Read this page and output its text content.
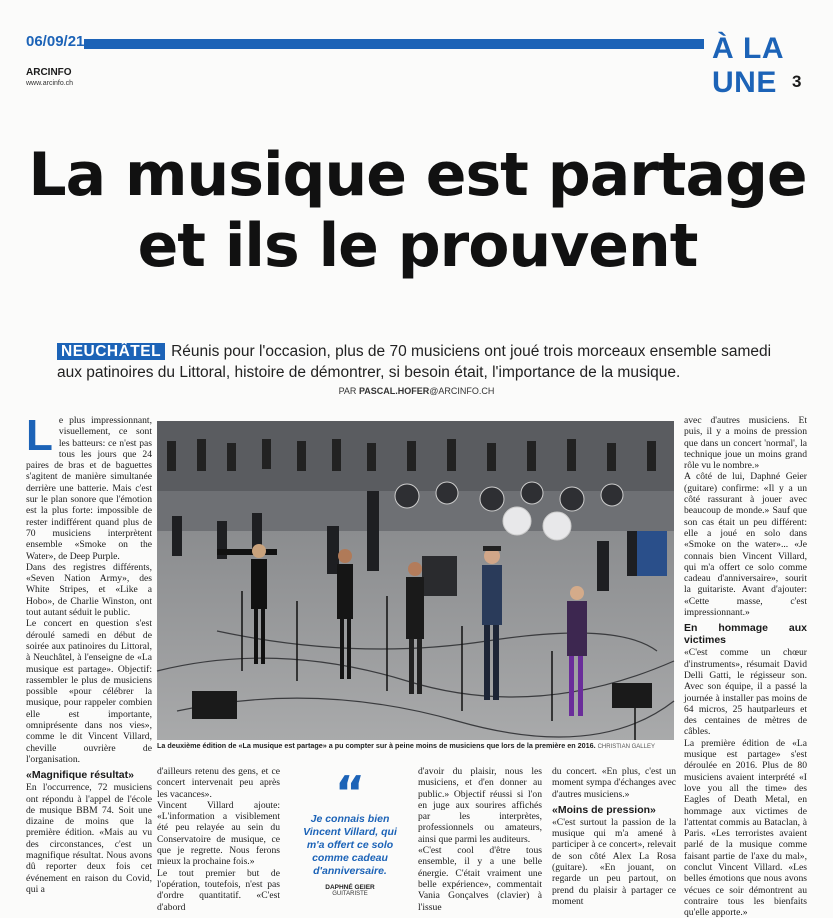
06/09/21	À LA UNE
ARCINFO
www.arcinfo.ch	3
La musique est partage
et ils le prouvent
NEUCHÂTEL Réunis pour l'occasion, plus de 70 musiciens ont joué trois morceaux ensemble samedi aux patinoires du Littoral, histoire de démontrer, si besoin était, l'importance de la musique.
PAR PASCAL.HOFER@ARCINFO.CH
L e plus impressionnant, visuellement, ce sont les batteurs: ce n'est pas tous les jours que 24 paires de bras et de baguettes s'agitent de manière simultanée derrière une batterie. Mais c'est sur le plan sonore que l'émotion est la plus forte: impossible de rester indifférent quand plus de 70 musiciens interprètent ensemble «Smoke on the Water», de Deep Purple.

Dans des registres différents, «Seven Nation Army», des White Stripes, et «Like a Hobo», de Charlie Winston, ont tout autant séduit le public.

Le concert en question s'est déroulé samedi en début de soirée aux patinoires du Littoral, à Neuchâtel, à l'enseigne de «La musique est partage». Objectif: rassembler le plus de musiciens possible «pour célébrer la musique, pour rappeler combien elle est importante, omniprésente dans nos vies», comme le dit Vincent Villard, cheville ouvrière de l'organisation.

«Magnifique résultat»

En l'occurrence, 72 musiciens ont répondu à l'appel de l'école de musique BBM 74. Soit une dizaine de moins que la première édition. «Mais au vu des circonstances, c'est un magnifique résultat. Nous avons dû reporter deux fois cet événement en raison du Covid, qui a

La deuxième édition de «La musique est partage» a pu compter sur à peine moins de musiciens que lors de la première en 2016. CHRISTIAN GALLEY

d'ailleurs retenu des gens, et ce concert intervenait peu après les vacances».

Vincent Villard ajoute: «L'information a visiblement été peu relayée au sein du Conservatoire de musique, ce que je regrette. Nous ferons mieux la prochaine fois.»

Le tout premier but de l'opération, toutefois, n'est pas d'ordre quantitatif. «C'est d'abord

“
Je connais bien Vincent Villard, qui m'a offert ce solo comme cadeau d'anniversaire.
DAPHNÉ GEIER
GUITARISTE

d'avoir du plaisir, nous les musiciens, et d'en donner au public.» Objectif réussi si l'on en juge aux sourires affichés par les interprètes, professionnels ou amateurs, ainsi que parmi les auditeurs.

«C'est cool d'être tous ensemble, il y a une belle énergie. C'était vraiment une belle expérience», commentait Vania Gonçalves (clavier) à l'issue

du concert. «En plus, c'est un moment sympa d'échanges avec d'autres musiciens.»

«Moins de pression»

«C'est surtout la passion de la musique qui m'a amené à participer à ce concert», relevait de son côté Alex La Rosa (guitare). «En jouant, on regarde un peu partout, on prend du plaisir à partager ce moment

avec d'autres musiciens. Et puis, il y a moins de pression que dans un concert 'normal', la technique joue un moins grand rôle vu le nombre.»

A côté de lui, Daphné Geier (guitare) confirme: «Il y a un côté rassurant à jouer avec beaucoup de monde.» Sauf que son cas était un peu différent: elle a joué en solo dans «Smoke on the water»... «Je connais bien Vincent Villard, qui m'a offert ce solo comme cadeau d'anniversaire», sourit la guitariste. Avant d'ajouter: «Cette masse, c'est impressionnant.»

En hommage aux victimes

«C'est comme un chœur d'instruments», résumait David Delli Gatti, le régisseur son. Avec son équipe, il a passé la journée à installer pas moins de 64 micros, 25 hautparleurs et des centaines de mètres de câbles.

La première édition de «La musique est partage» s'est déroulée en 2016. Plus de 80 musiciens avaient interprété «I love you all the time» des Eagles of Death Metal, en hommage aux victimes de l'attentat commis au Bataclan, à Paris. «Les terroristes avaient parlé de la musique comme faisant partie de l'axe du mal», conclut Vincent Villard. «Les belles émotions que nous avons vécues ce soir démontrent au contraire tous les bienfaits qu'elle apporte.»
